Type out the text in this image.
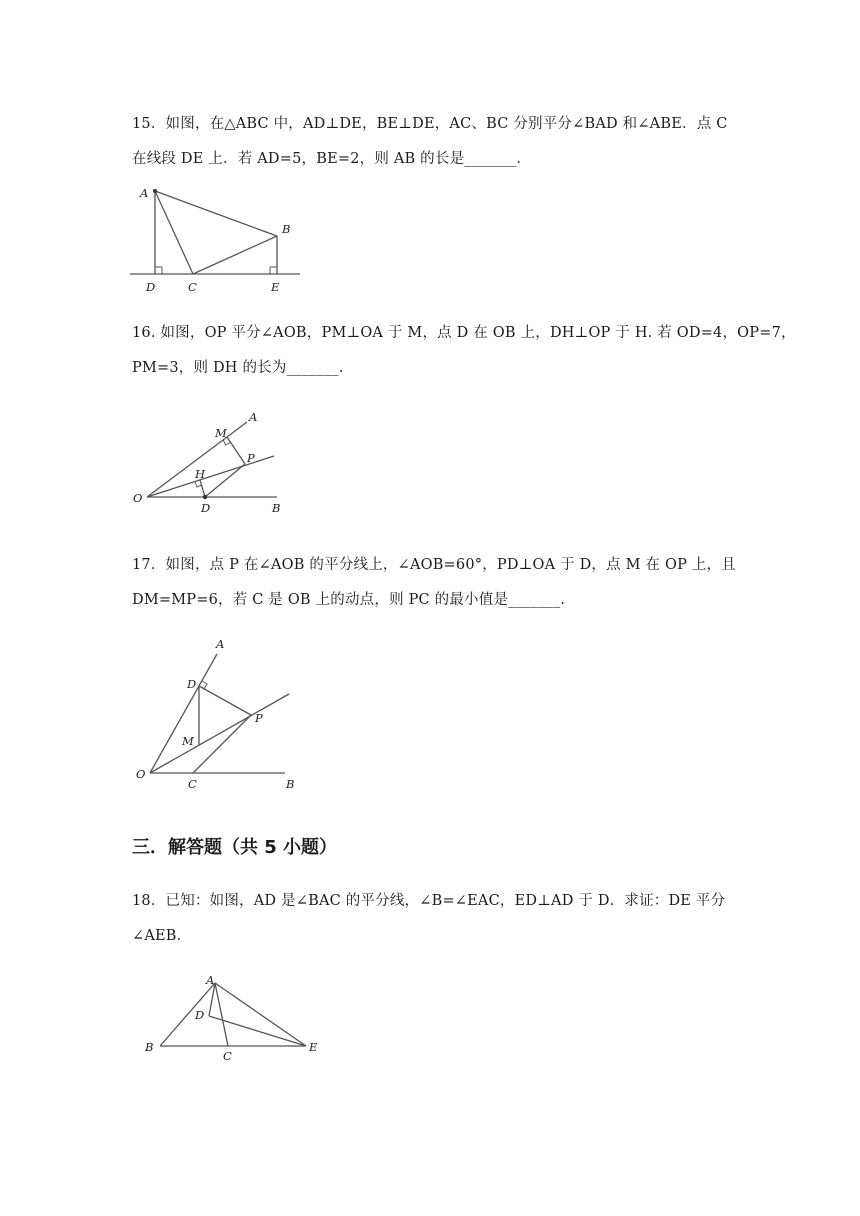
15．如图，在△ABC 中，AD⊥DE，BE⊥DE，AC、BC 分别平分∠BAD 和∠ABE．点 C
在线段 DE 上．若 AD=5，BE=2，则 AB 的长是_______．
A
B
C
D	E
16. 如图，OP 平分∠AOB，PM⊥OA 于 M，点 D 在 OB 上，DH⊥OP 于 H. 若 OD=4，OP=7，
PM=3，则 DH 的长为_______.
A
M
P
H
O
D	B
17．如图，点 P 在∠AOB 的平分线上，∠AOB=60°，PD⊥OA 于 D，点 M 在 OP 上，且
DM=MP=6，若 C 是 OB 上的动点，则 PC 的最小值是_______.
A
D
P
M
O
C	B
三．解答题（共 5 小题）
18．已知：如图，AD 是∠BAC 的平分线，∠B=∠EAC，ED⊥AD 于 D．求证：DE 平分
∠AEB．
A
D
B
C
E
